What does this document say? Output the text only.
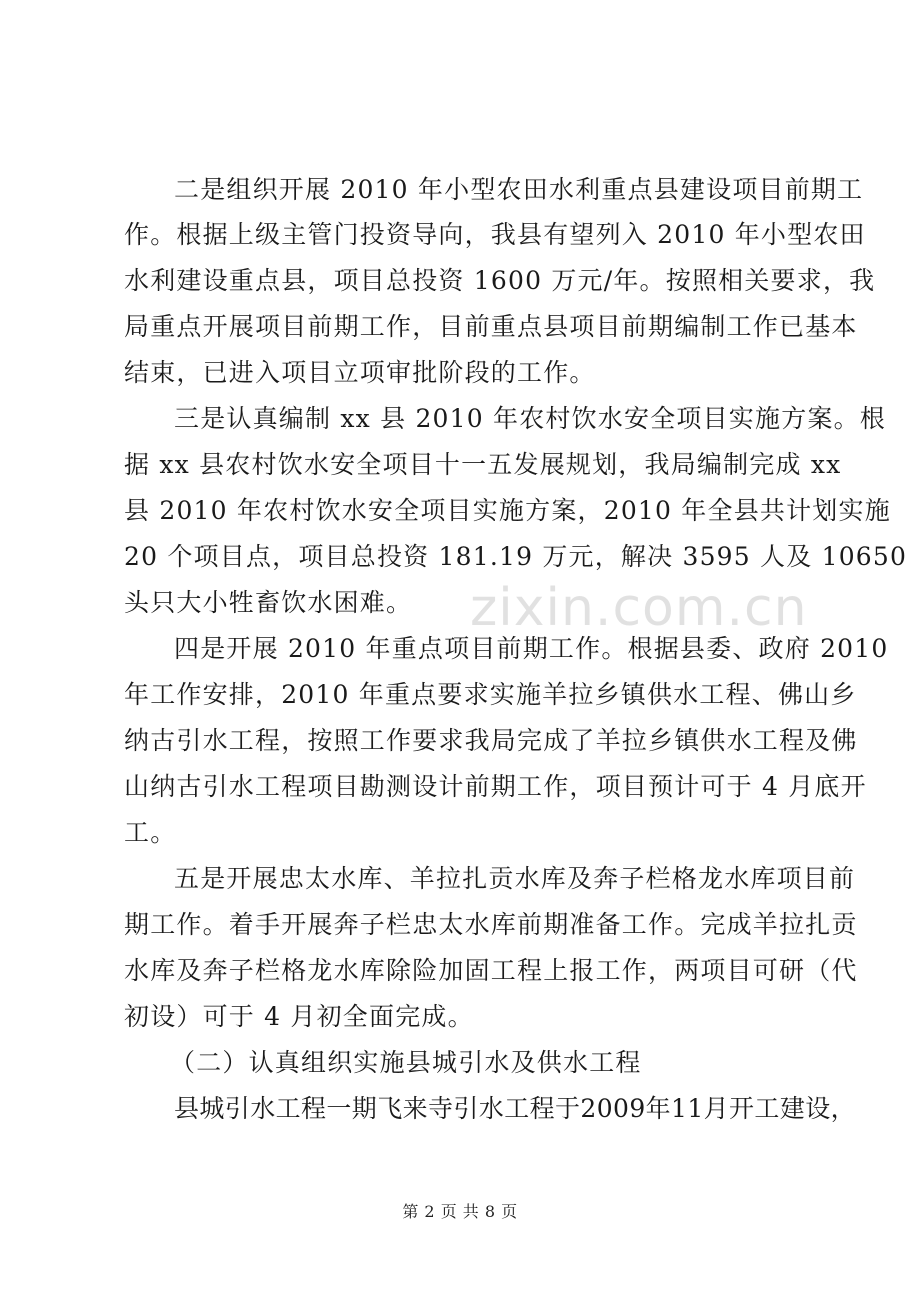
zixin.com.cn
二是组织开展 2010 年小型农田水利重点县建设项目前期工
作。根据上级主管门投资导向，我县有望列入 2010 年小型农田
水利建设重点县，项目总投资 1600 万元/年。按照相关要求，我
局重点开展项目前期工作，目前重点县项目前期编制工作已基本
结束，已进入项目立项审批阶段的工作。
三是认真编制 xx 县 2010 年农村饮水安全项目实施方案。根
据 xx 县农村饮水安全项目十一五发展规划，我局编制完成 xx
县 2010 年农村饮水安全项目实施方案，2010 年全县共计划实施
20 个项目点，项目总投资 181.19 万元，解决 3595 人及 10650
头只大小牲畜饮水困难。
四是开展 2010 年重点项目前期工作。根据县委、政府 2010
年工作安排，2010 年重点要求实施羊拉乡镇供水工程、佛山乡
纳古引水工程，按照工作要求我局完成了羊拉乡镇供水工程及佛
山纳古引水工程项目勘测设计前期工作，项目预计可于 4 月底开
工。
五是开展忠太水库、羊拉扎贡水库及奔子栏格龙水库项目前
期工作。着手开展奔子栏忠太水库前期准备工作。完成羊拉扎贡
水库及奔子栏格龙水库除险加固工程上报工作，两项目可研（代
初设）可于 4 月初全面完成。
（二）认真组织实施县城引水及供水工程
县城引水工程一期飞来寺引水工程于2009年11月开工建设，
第 2 页 共 8 页
